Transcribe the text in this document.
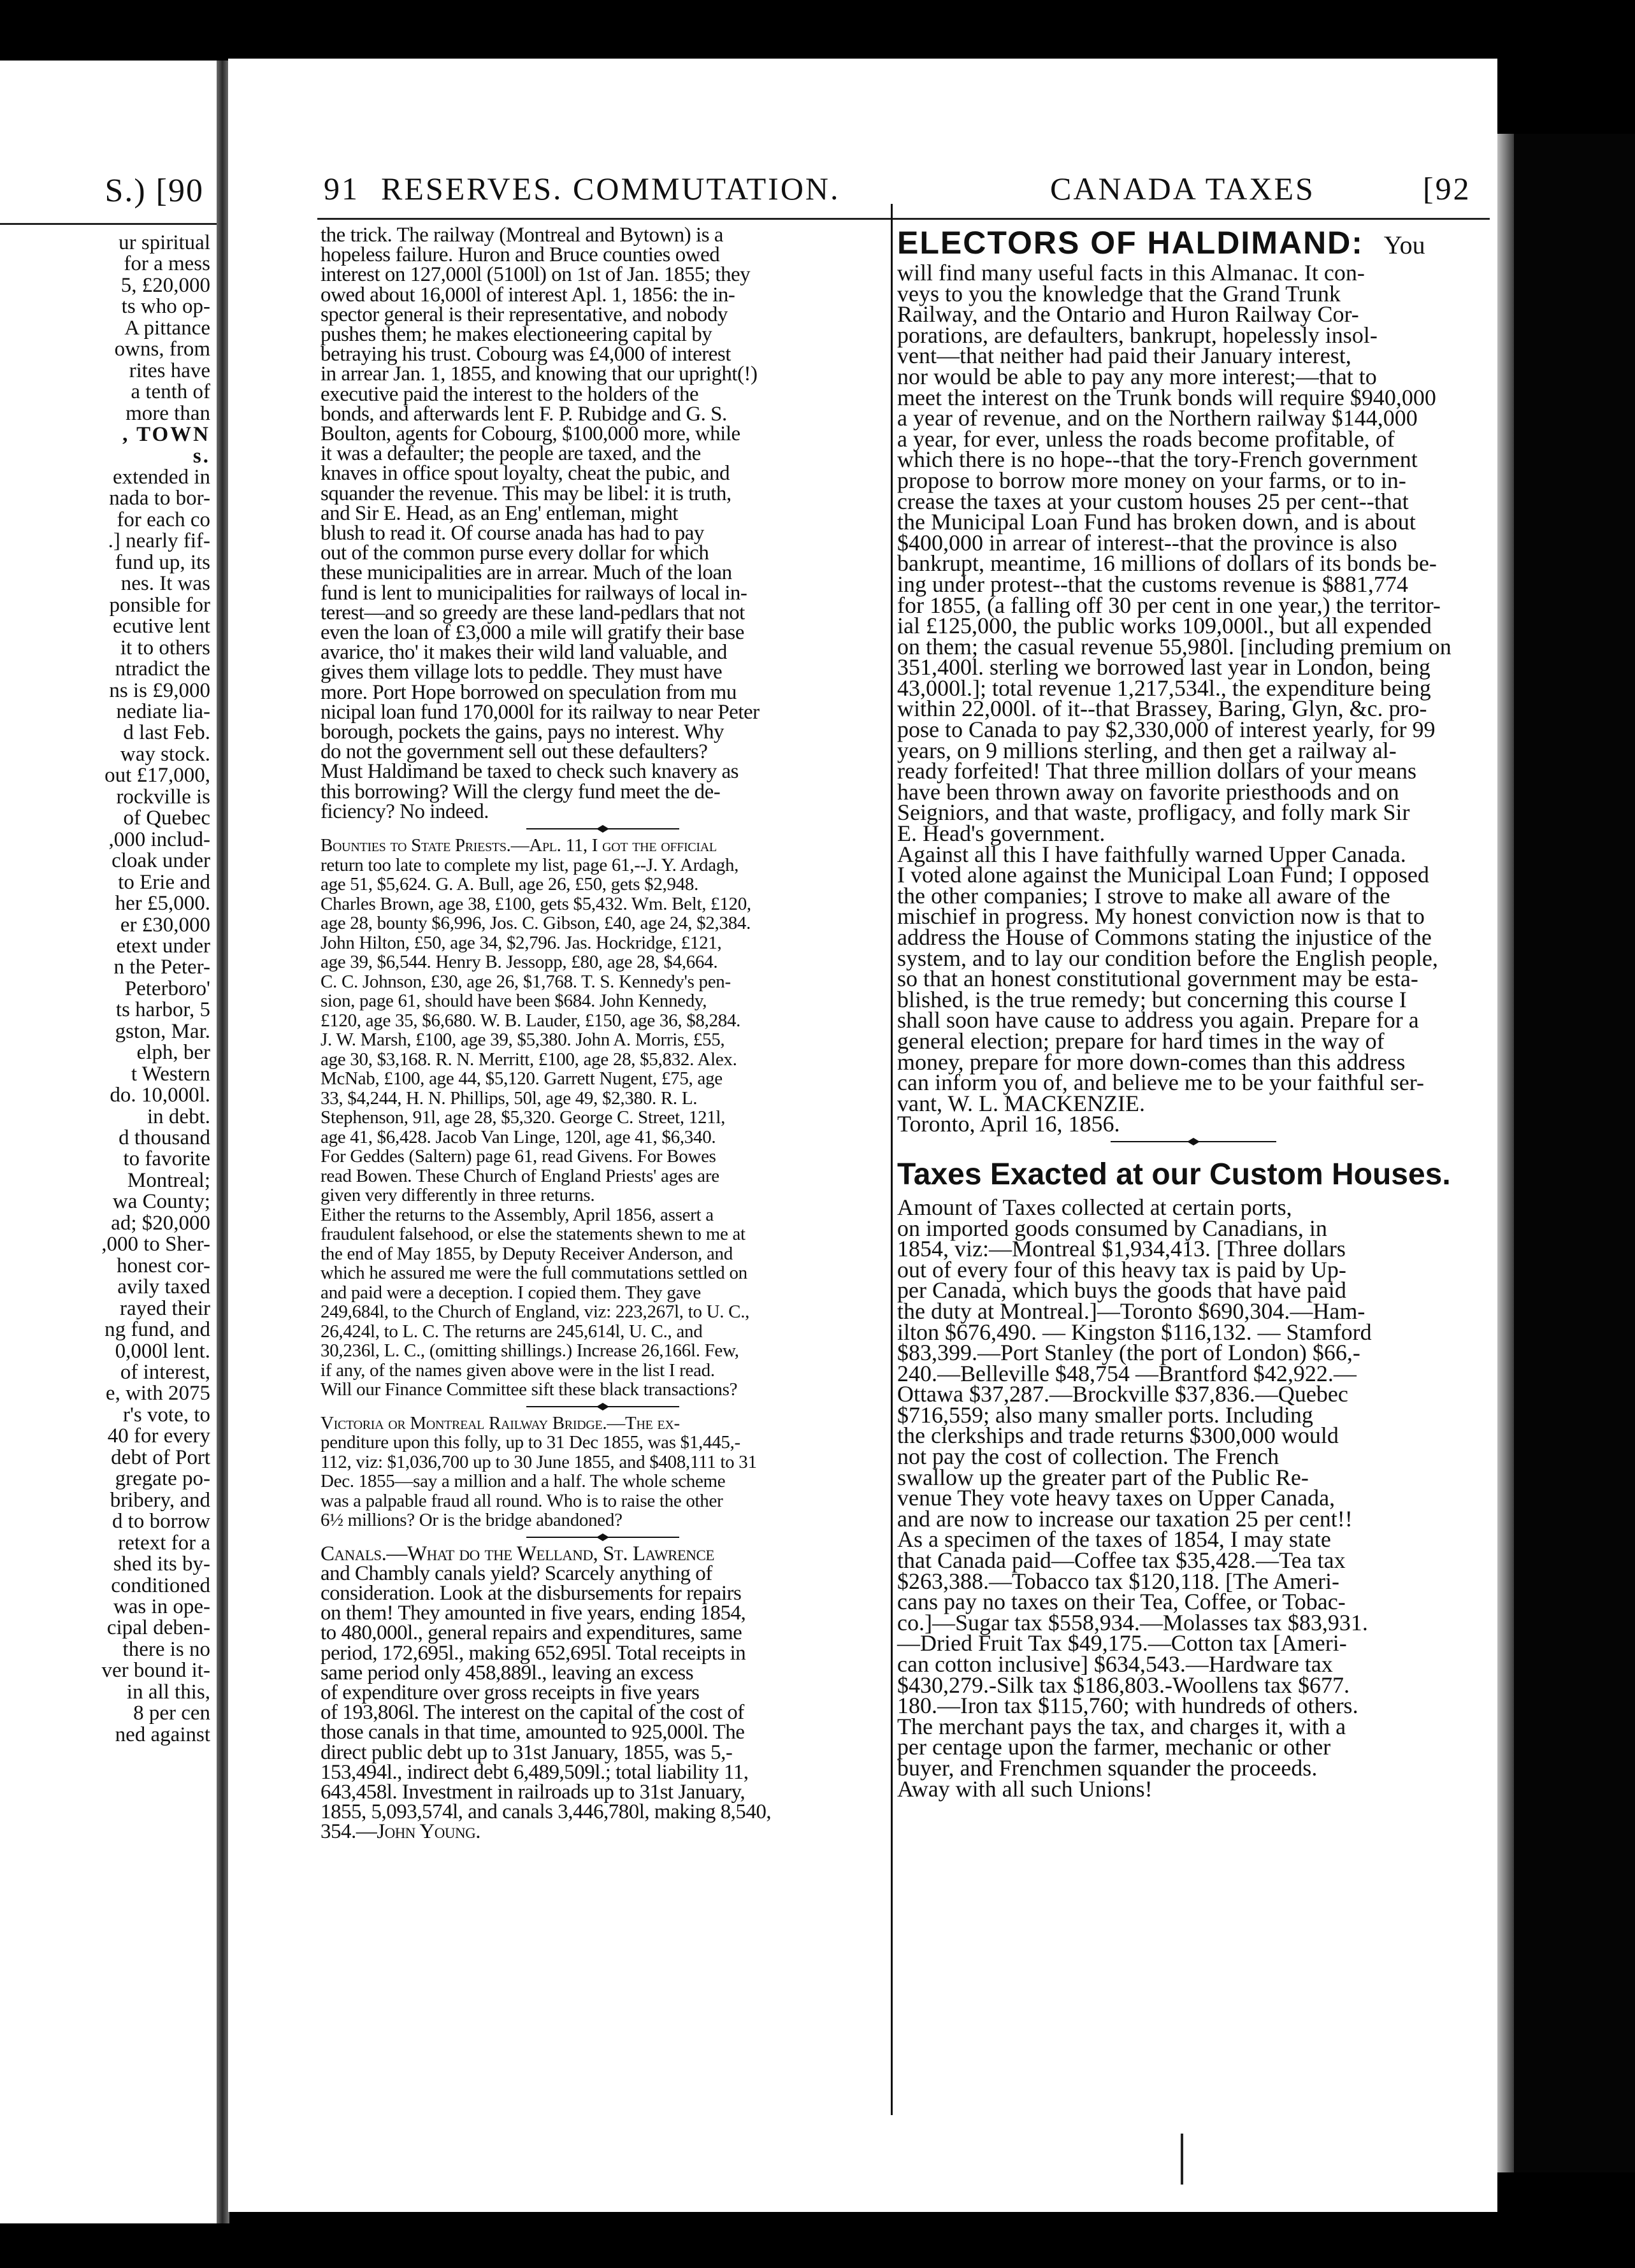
S.) [90
ur spiritual
for a mess
5, £20,000
ts who op-
A pittance
owns, from
rites have
a tenth of
more than
, TOWN
s.
extended in
nada to bor-
for each co
.] nearly fif-
fund up, its
nes. It was
ponsible for
ecutive lent
it to others
ntradict the
ns is £9,000
nediate lia-
d last Feb.
way stock.
out £17,000,
rockville is
of Quebec
,000 includ-
cloak under
to Erie and
her £5,000.
er £30,000
etext under
n the Peter-
Peterboro'
ts harbor, 5
gston, Mar.
elph, ber
t Western
do. 10,000l.
in debt.
d thousand
to favorite
Montreal;
wa County;
ad; $20,000
,000 to Sher-
honest cor-
avily taxed
rayed their
ng fund, and
0,000l lent.
of interest,
e, with 2075
r's vote, to
40 for every
debt of Port
gregate po-
bribery, and
d to borrow
retext for a
shed its by-
conditioned
was in ope-
cipal deben-
there is no
ver bound it-
in all this,
8 per cen
ned against
91 RESERVES. COMMUTATION.	CANADA TAXES	[92
the trick. The railway (Montreal and Bytown) is a
hopeless failure. Huron and Bruce counties owed
interest on 127,000l (5100l) on 1st of Jan. 1855; they
owed about 16,000l of interest Apl. 1, 1856: the in-
spector general is their representative, and nobody
pushes them; he makes electioneering capital by
betraying his trust. Cobourg was £4,000 of interest
in arrear Jan. 1, 1855, and knowing that our upright(!)
executive paid the interest to the holders of the
bonds, and afterwards lent F. P. Rubidge and G. S.
Boulton, agents for Cobourg, $100,000 more, while
it was a defaulter; the people are taxed, and the
knaves in office spout loyalty, cheat the pubic, and
squander the revenue. This may be libel: it is truth,
and Sir E. Head, as an Eng' entleman, might
blush to read it. Of course anada has had to pay
out of the common purse every dollar for which
these municipalities are in arrear. Much of the loan
fund is lent to municipalities for railways of local in-
terest—and so greedy are these land-pedlars that not
even the loan of £3,000 a mile will gratify their base
avarice, tho' it makes their wild land valuable, and
gives them village lots to peddle. They must have
more. Port Hope borrowed on speculation from mu
nicipal loan fund 170,000l for its railway to near Peter
borough, pockets the gains, pays no interest. Why
do not the government sell out these defaulters?
Must Haldimand be taxed to check such knavery as
this borrowing? Will the clergy fund meet the de-
ficiency? No indeed.
Bounties to State Priests.—Apl. 11, I got the official
return too late to complete my list, page 61,--J. Y. Ardagh,
age 51, $5,624. G. A. Bull, age 26, £50, gets $2,948.
Charles Brown, age 38, £100, gets $5,432. Wm. Belt, £120,
age 28, bounty $6,996, Jos. C. Gibson, £40, age 24, $2,384.
John Hilton, £50, age 34, $2,796. Jas. Hockridge, £121,
age 39, $6,544. Henry B. Jessopp, £80, age 28, $4,664.
C. C. Johnson, £30, age 26, $1,768. T. S. Kennedy's pen-
sion, page 61, should have been $684. John Kennedy,
£120, age 35, $6,680. W. B. Lauder, £150, age 36, $8,284.
J. W. Marsh, £100, age 39, $5,380. John A. Morris, £55,
age 30, $3,168. R. N. Merritt, £100, age 28, $5,832. Alex.
McNab, £100, age 44, $5,120. Garrett Nugent, £75, age
33, $4,244, H. N. Phillips, 50l, age 49, $2,380. R. L.
Stephenson, 91l, age 28, $5,320. George C. Street, 121l,
age 41, $6,428. Jacob Van Linge, 120l, age 41, $6,340.
For Geddes (Saltern) page 61, read Givens. For Bowes
read Bowen. These Church of England Priests' ages are
given very differently in three returns.
Either the returns to the Assembly, April 1856, assert a
fraudulent falsehood, or else the statements shewn to me at
the end of May 1855, by Deputy Receiver Anderson, and
which he assured me were the full commutations settled on
and paid were a deception. I copied them. They gave
249,684l, to the Church of England, viz: 223,267l, to U. C.,
26,424l, to L. C. The returns are 245,614l, U. C., and
30,236l, L. C., (omitting shillings.) Increase 26,166l. Few,
if any, of the names given above were in the list I read.
Will our Finance Committee sift these black transactions?
Victoria or Montreal Railway Bridge.—The ex-
penditure upon this folly, up to 31 Dec 1855, was $1,445,-
112, viz: $1,036,700 up to 30 June 1855, and $408,111 to 31
Dec. 1855—say a million and a half. The whole scheme
was a palpable fraud all round. Who is to raise the other
6½ millions? Or is the bridge abandoned?
Canals.—What do the Welland, St. Lawrence
and Chambly canals yield? Scarcely anything of
consideration. Look at the disbursements for repairs
on them! They amounted in five years, ending 1854,
to 480,000l., general repairs and expenditures, same
period, 172,695l., making 652,695l. Total receipts in
same period only 458,889l., leaving an excess
of expenditure over gross receipts in five years
of 193,806l. The interest on the capital of the cost of
those canals in that time, amounted to 925,000l. The
direct public debt up to 31st January, 1855, was 5,-
153,494l., indirect debt 6,489,509l.; total liability 11,
643,458l. Investment in railroads up to 31st January,
1855, 5,093,574l, and canals 3,446,780l, making 8,540,
354.—John Young.
ELECTORS OF HALDIMAND: You
will find many useful facts in this Almanac. It con-
veys to you the knowledge that the Grand Trunk
Railway, and the Ontario and Huron Railway Cor-
porations, are defaulters, bankrupt, hopelessly insol-
vent—that neither had paid their January interest,
nor would be able to pay any more interest;—that to
meet the interest on the Trunk bonds will require $940,000
a year of revenue, and on the Northern railway $144,000
a year, for ever, unless the roads become profitable, of
which there is no hope--that the tory-French government
propose to borrow more money on your farms, or to in-
crease the taxes at your custom houses 25 per cent--that
the Municipal Loan Fund has broken down, and is about
$400,000 in arrear of interest--that the province is also
bankrupt, meantime, 16 millions of dollars of its bonds be-
ing under protest--that the customs revenue is $881,774
for 1855, (a falling off 30 per cent in one year,) the territor-
ial £125,000, the public works 109,000l., but all expended
on them; the casual revenue 55,980l. [including premium on
351,400l. sterling we borrowed last year in London, being
43,000l.]; total revenue 1,217,534l., the expenditure being
within 22,000l. of it--that Brassey, Baring, Glyn, &c. pro-
pose to Canada to pay $2,330,000 of interest yearly, for 99
years, on 9 millions sterling, and then get a railway al-
ready forfeited! That three million dollars of your means
have been thrown away on favorite priesthoods and on
Seigniors, and that waste, profligacy, and folly mark Sir
E. Head's government.
Against all this I have faithfully warned Upper Canada.
I voted alone against the Municipal Loan Fund; I opposed
the other companies; I strove to make all aware of the
mischief in progress. My honest conviction now is that to
address the House of Commons stating the injustice of the
system, and to lay our condition before the English people,
so that an honest constitutional government may be esta-
blished, is the true remedy; but concerning this course I
shall soon have cause to address you again. Prepare for a
general election; prepare for hard times in the way of
money, prepare for more down-comes than this address
can inform you of, and believe me to be your faithful ser-
vant, W. L. MACKENZIE.
Toronto, April 16, 1856.
Taxes Exacted at our Custom Houses.
Amount of Taxes collected at certain ports,
on imported goods consumed by Canadians, in
1854, viz:—Montreal $1,934,413. [Three dollars
out of every four of this heavy tax is paid by Up-
per Canada, which buys the goods that have paid
the duty at Montreal.]—Toronto $690,304.—Ham-
ilton $676,490. — Kingston $116,132. — Stamford
$83,399.—Port Stanley (the port of London) $66,-
240.—Belleville $48,754 —Brantford $42,922.—
Ottawa $37,287.—Brockville $37,836.—Quebec
$716,559; also many smaller ports. Including
the clerkships and trade returns $300,000 would
not pay the cost of collection. The French
swallow up the greater part of the Public Re-
venue They vote heavy taxes on Upper Canada,
and are now to increase our taxation 25 per cent!!
As a specimen of the taxes of 1854, I may state
that Canada paid—Coffee tax $35,428.—Tea tax
$263,388.—Tobacco tax $120,118. [The Ameri-
cans pay no taxes on their Tea, Coffee, or Tobac-
co.]—Sugar tax $558,934.—Molasses tax $83,931.
—Dried Fruit Tax $49,175.—Cotton tax [Ameri-
can cotton inclusive] $634,543.—Hardware tax
$430,279.-Silk tax $186,803.-Woollens tax $677.
180.—Iron tax $115,760; with hundreds of others.
The merchant pays the tax, and charges it, with a
per centage upon the farmer, mechanic or other
buyer, and Frenchmen squander the proceeds.
Away with all such Unions!
